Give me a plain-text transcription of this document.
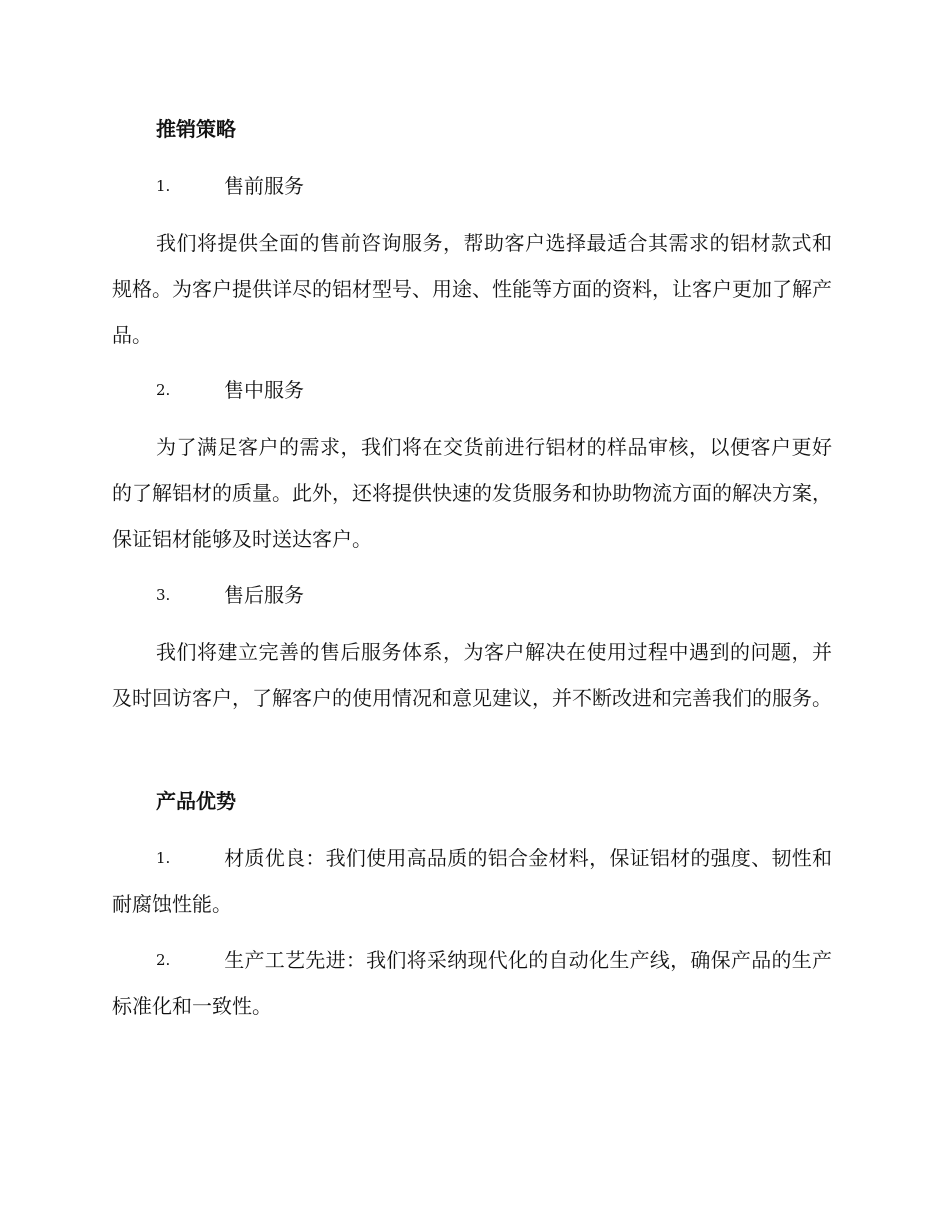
推销策略
1.	售前服务

我们将提供全面的售前咨询服务，帮助客户选择最适合其需求的铝材款式和规格。为客户提供详尽的铝材型号、用途、性能等方面的资料，让客户更加了解产品。

2.	售中服务

为了满足客户的需求，我们将在交货前进行铝材的样品审核，以便客户更好的了解铝材的质量。此外，还将提供快速的发货服务和协助物流方面的解决方案，保证铝材能够及时送达客户。

3.	售后服务

我们将建立完善的售后服务体系，为客户解决在使用过程中遇到的问题，并及时回访客户，了解客户的使用情况和意见建议，并不断改进和完善我们的服务。

产品优势

1.	材质优良：我们使用高品质的铝合金材料，保证铝材的强度、韧性和耐腐蚀性能。

2.	生产工艺先进：我们将采纳现代化的自动化生产线，确保产品的生产标准化和一致性。
